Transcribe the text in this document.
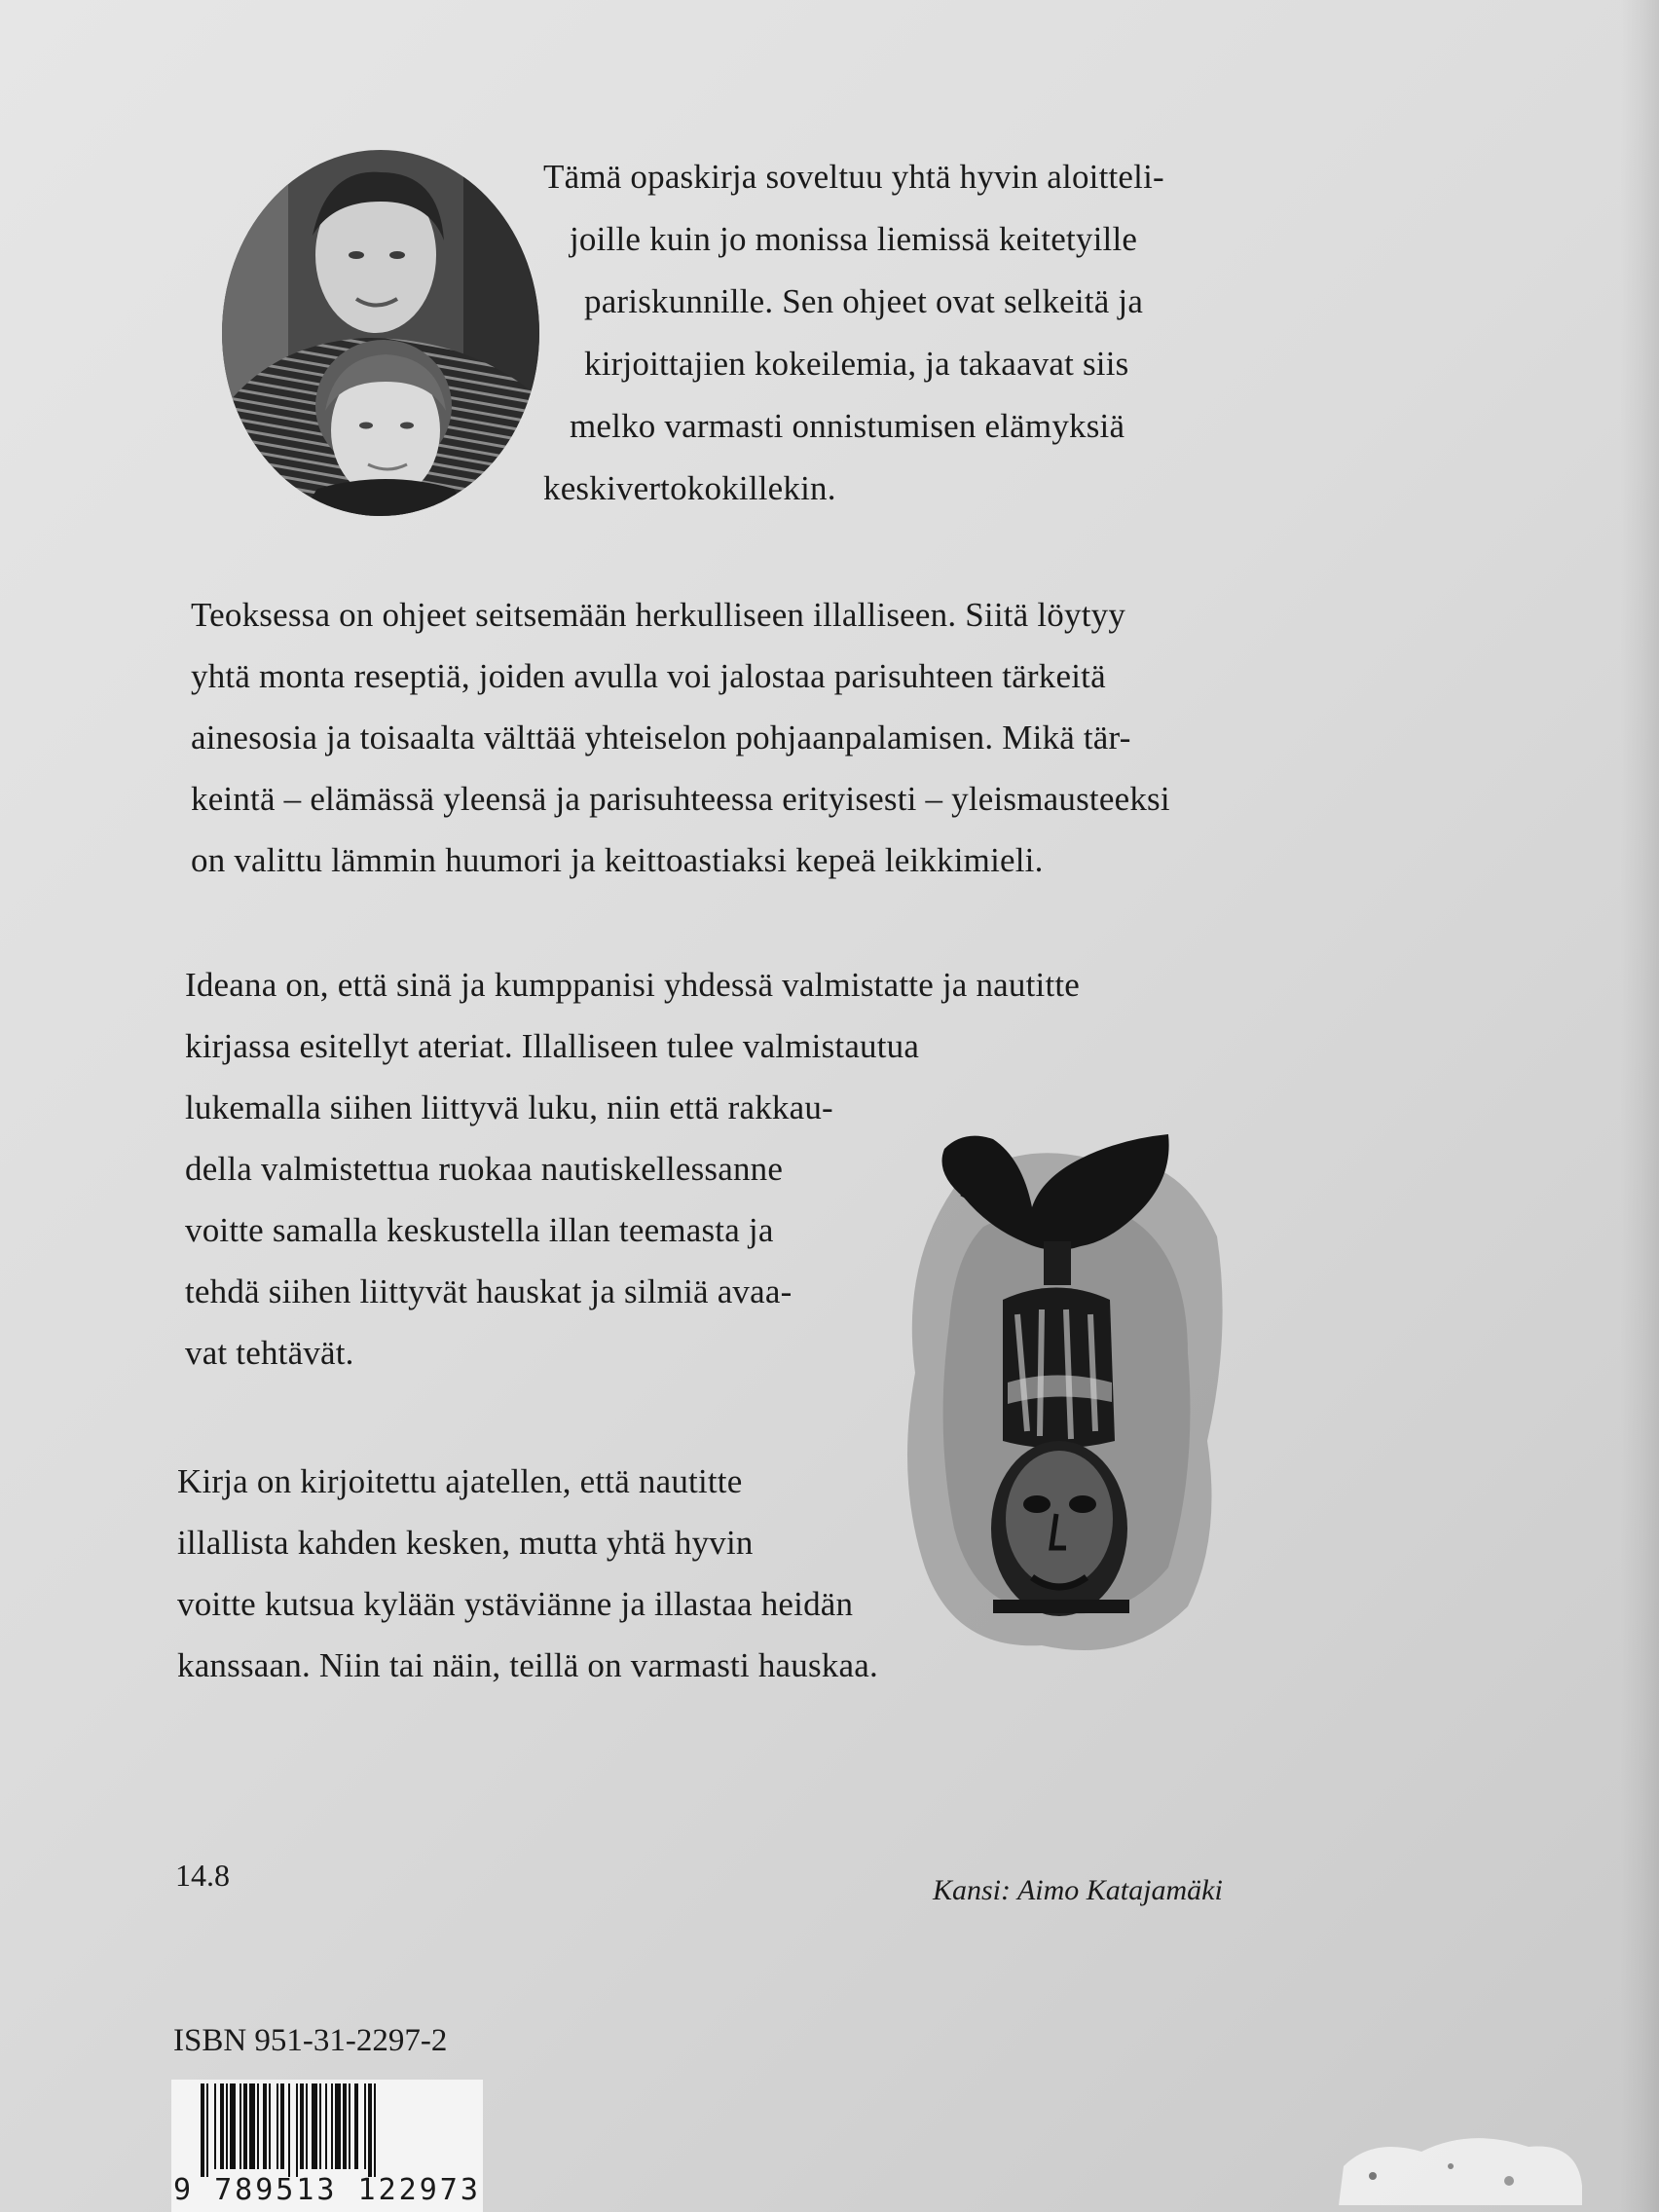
Tämä opaskirja soveltuu yhtä hyvin aloitteli-
joille kuin jo monissa liemissä keitetyille
pariskunnille. Sen ohjeet ovat selkeitä ja
kirjoittajien kokeilemia, ja takaavat siis
melko varmasti onnistumisen elämyksiä
keskivertokokillekin.
Teoksessa on ohjeet seitsemään herkulliseen illalliseen. Siitä löytyy
yhtä monta reseptiä, joiden avulla voi jalostaa parisuhteen tärkeitä
ainesosia ja toisaalta välttää yhteiselon pohjaanpalamisen. Mikä tär-
keintä – elämässä yleensä ja parisuhteessa erityisesti – yleismausteeksi
on valittu lämmin huumori ja keittoastiaksi kepeä leikkimieli.
Ideana on, että sinä ja kumppanisi yhdessä valmistatte ja nautitte
kirjassa esitellyt ateriat. Illalliseen tulee valmistautua
lukemalla siihen liittyvä luku, niin että rakkau-
della valmistettua ruokaa nautiskellessanne
voitte samalla keskustella illan teemasta ja
tehdä siihen liittyvät hauskat ja silmiä avaa-
vat tehtävät.
Kirja on kirjoitettu ajatellen, että nautitte
illallista kahden kesken, mutta yhtä hyvin
voitte kutsua kylään ystäviänne ja illastaa heidän
kanssaan. Niin tai näin, teillä on varmasti hauskaa.
14.8	Kansi: Aimo Katajamäki
ISBN 951-31-2297-2
9 789513 122973
